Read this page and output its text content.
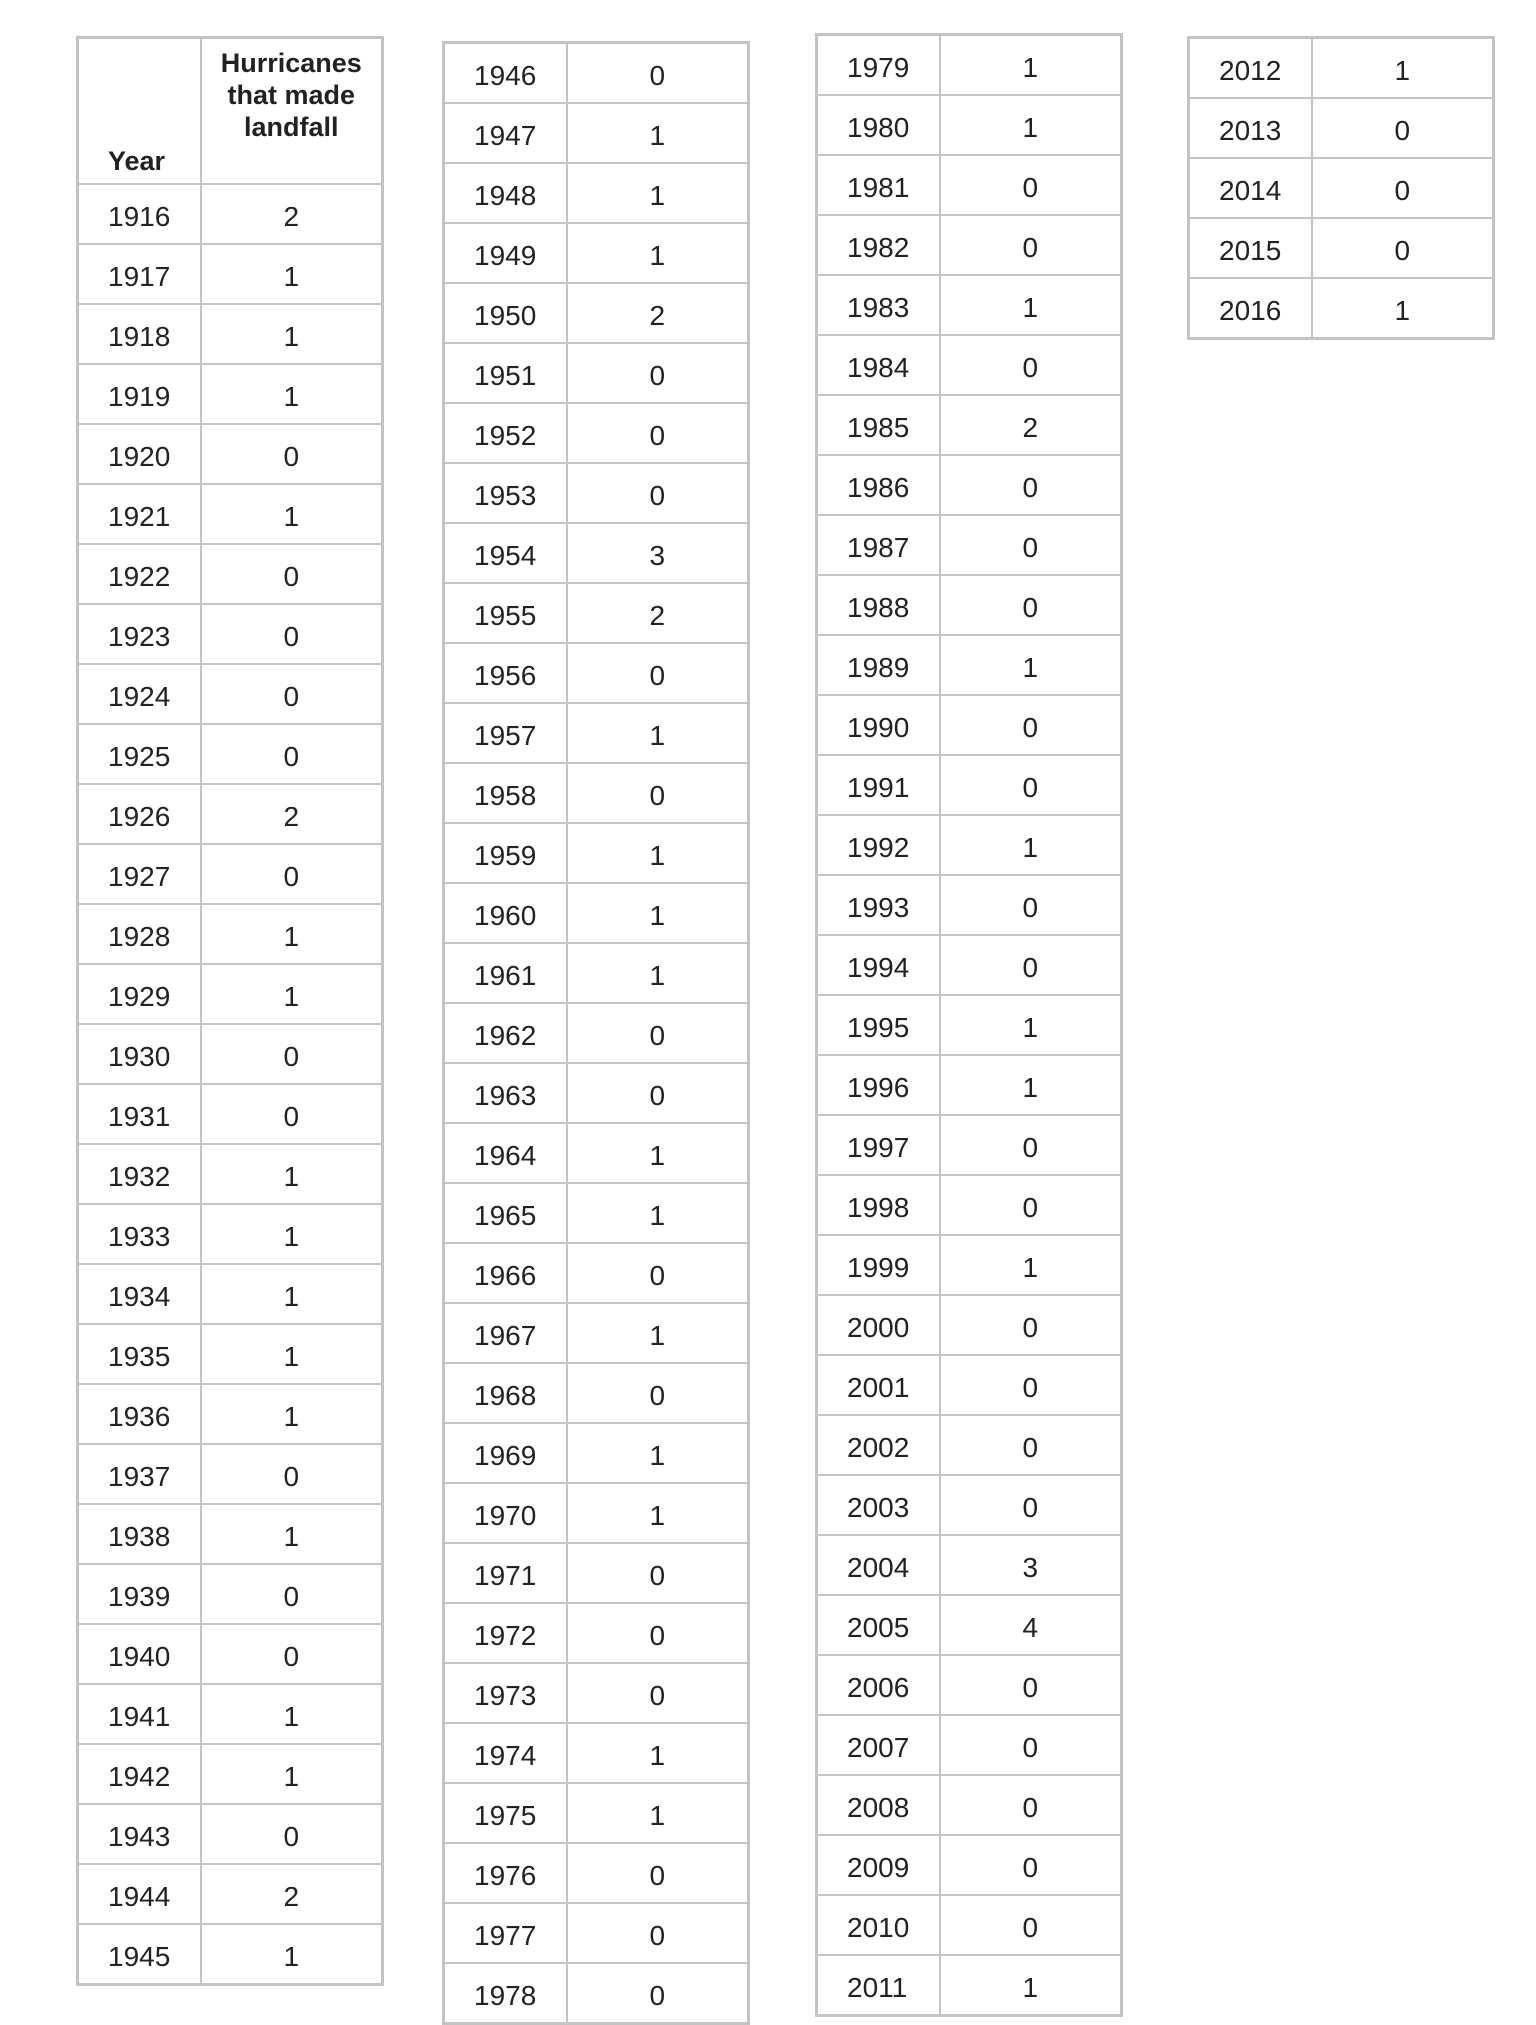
Year	Hurricanes that made landfall
1916	2
1917	1
1918	1
1919	1
1920	0
1921	1
1922	0
1923	0
1924	0
1925	0
1926	2
1927	0
1928	1
1929	1
1930	0
1931	0
1932	1
1933	1
1934	1
1935	1
1936	1
1937	0
1938	1
1939	0
1940	0
1941	1
1942	1
1943	0
1944	2
1945	1
1946	0
1947	1
1948	1
1949	1
1950	2
1951	0
1952	0
1953	0
1954	3
1955	2
1956	0
1957	1
1958	0
1959	1
1960	1
1961	1
1962	0
1963	0
1964	1
1965	1
1966	0
1967	1
1968	0
1969	1
1970	1
1971	0
1972	0
1973	0
1974	1
1975	1
1976	0
1977	0
1978	0
1979	1
1980	1
1981	0
1982	0
1983	1
1984	0
1985	2
1986	0
1987	0
1988	0
1989	1
1990	0
1991	0
1992	1
1993	0
1994	0
1995	1
1996	1
1997	0
1998	0
1999	1
2000	0
2001	0
2002	0
2003	0
2004	3
2005	4
2006	0
2007	0
2008	0
2009	0
2010	0
2011	1
2012	1
2013	0
2014	0
2015	0
2016	1
